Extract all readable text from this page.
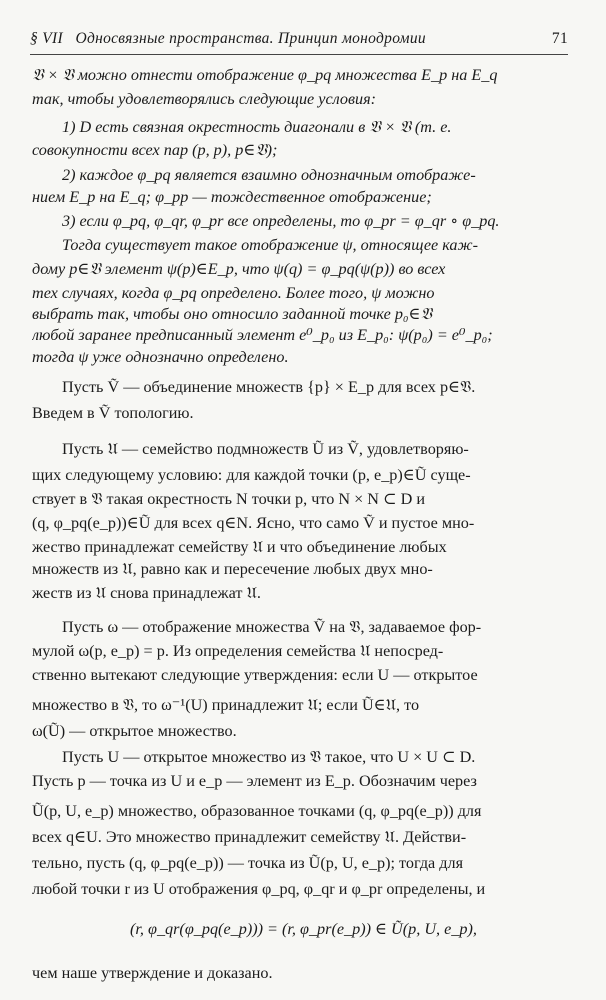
§ VII Односвязные пространства. Принцип монодромии	71
𝔙 × 𝔙 можно отнести отображение φ_pq множества E_p на E_q
так, чтобы удовлетворялись следующие условия:
1) D есть связная окрестность диагонали в 𝔙 × 𝔙 (т. е.
совокупности всех пар (p, p), p∈𝔙);
2) каждое φ_pq является взаимно однозначным отображе-
нием E_p на E_q; φ_pp — тождественное отображение;
3) если φ_pq, φ_qr, φ_pr все определены, то φ_pr = φ_qr ∘ φ_pq.
Тогда существует такое отображение ψ, относящее каж-
дому p∈𝔙 элемент ψ(p)∈E_p, что ψ(q) = φ_pq(ψ(p)) во всех
тех случаях, когда φ_pq определено. Более того, ψ можно
выбрать так, чтобы оно относило заданной точке p₀∈𝔙
любой заранее предписанный элемент e⁰_p₀ из E_p₀: ψ(p₀) = e⁰_p₀;
тогда ψ уже однозначно определено.
Пусть Ṽ — объединение множеств {p} × E_p для всех p∈𝔙.
Введем в Ṽ топологию.
Пусть 𝔘 — семейство подмножеств Ũ из Ṽ, удовлетворяю-
щих следующему условию: для каждой точки (p, e_p)∈Ũ суще-
ствует в 𝔙 такая окрестность N точки p, что N × N ⊂ D и
(q, φ_pq(e_p))∈Ũ для всех q∈N. Ясно, что само Ṽ и пустое мно-
жество принадлежат семейству 𝔘 и что объединение любых
множеств из 𝔘, равно как и пересечение любых двух мно-
жеств из 𝔘 снова принадлежат 𝔘.
Пусть ω — отображение множества Ṽ на 𝔙, задаваемое фор-
мулой ω(p, e_p) = p. Из определения семейства 𝔘 непосред-
ственно вытекают следующие утверждения: если U — открытое
множество в 𝔙, то ω⁻¹(U) принадлежит 𝔘; если Ũ∈𝔘, то
ω(Ũ) — открытое множество.
Пусть U — открытое множество из 𝔙 такое, что U × U ⊂ D.
Пусть p — точка из U и e_p — элемент из E_p. Обозначим через
Ũ(p, U, e_p) множество, образованное точками (q, φ_pq(e_p)) для
всех q∈U. Это множество принадлежит семейству 𝔘. Действи-
тельно, пусть (q, φ_pq(e_p)) — точка из Ũ(p, U, e_p); тогда для
любой точки r из U отображения φ_pq, φ_qr и φ_pr определены, и
(r, φ_qr(φ_pq(e_p))) = (r, φ_pr(e_p)) ∈ Ũ(p, U, e_p),
чем наше утверждение и доказано.
